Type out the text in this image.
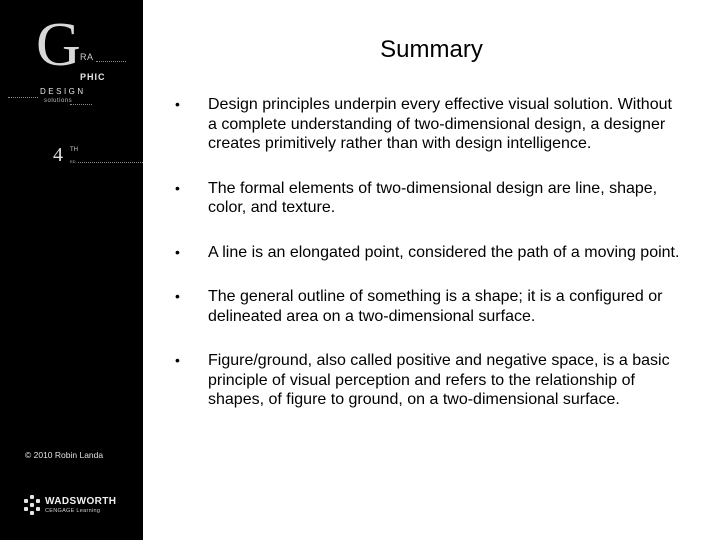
G RA
PHIC
DESIGN
solutions
4 TH
ED.
© 2010 Robin Landa
WADSWORTH
CENGAGE Learning
Summary
• Design principles underpin every effective visual solution. Without a complete understanding of two-dimensional design, a designer creates primitively rather than with design intelligence.
• The formal elements of two-dimensional design are line, shape, color, and texture.
• A line is an elongated point, considered the path of a moving point.
• The general outline of something is a shape; it is a configured or delineated area on a two-dimensional surface.
• Figure/ground, also called positive and negative space, is a basic principle of visual perception and refers to the relationship of shapes, of figure to ground, on a two-dimensional surface.
